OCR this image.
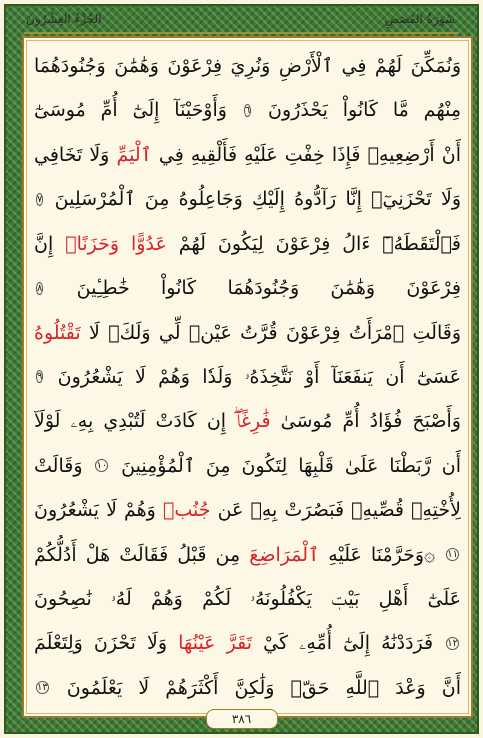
الجُزْءُ العِشْرُونَ	سُورَةُ القَصَصِ
وَنُمَكِّنَ لَهُمْ فِي ٱلْأَرْضِ وَنُرِيَ فِرْعَوْنَ وَهَٰمَٰنَ وَجُنُودَهُمَا
مِنْهُم مَّا كَانُواْ يَحْذَرُونَ ٦ وَأَوْحَيْنَآ إِلَىٰٓ أُمِّ مُوسَىٰٓ
أَنْ أَرْضِعِيهِۖ فَإِذَا خِفْتِ عَلَيْهِ فَأَلْقِيهِ فِي ٱلْيَمِّ وَلَا تَخَافِي
وَلَا تَحْزَنِيٓۖ إِنَّا رَآدُّوهُ إِلَيْكِ وَجَاعِلُوهُ مِنَ ٱلْمُرْسَلِينَ ٧
فَٱلْتَقَطَهُۥٓ ءَالُ فِرْعَوْنَ لِيَكُونَ لَهُمْ عَدُوًّا وَحَزَنًاۗ إِنَّ
فِرْعَوْنَ وَهَٰمَٰنَ وَجُنُودَهُمَا كَانُواْ خَٰطِـِٔينَ ٨
وَقَالَتِ ٱمْرَأَتُ فِرْعَوْنَ قُرَّتُ عَيْنٖ لِّي وَلَكَۖ لَا تَقْتُلُوهُ
عَسَىٰٓ أَن يَنفَعَنَآ أَوْ نَتَّخِذَهُۥ وَلَدٗا وَهُمْ لَا يَشْعُرُونَ ٩
وَأَصْبَحَ فُؤَادُ أُمِّ مُوسَىٰ فَٰرِغًاۖ إِن كَادَتْ لَتُبْدِي بِهِۦ لَوْلَآ
أَن رَّبَطْنَا عَلَىٰ قَلْبِهَا لِتَكُونَ مِنَ ٱلْمُؤْمِنِينَ ١٠ وَقَالَتْ
لِأُخْتِهِۦ قُصِّيهِۖ فَبَصُرَتْ بِهِۦ عَن جُنُبٖ وَهُمْ لَا يَشْعُرُونَ
١١ ۞وَحَرَّمْنَا عَلَيْهِ ٱلْمَرَاضِعَ مِن قَبْلُ فَقَالَتْ هَلْ أَدُلُّكُمْ
عَلَىٰٓ أَهْلِ بَيْتٖ يَكْفُلُونَهُۥ لَكُمْ وَهُمْ لَهُۥ نَٰصِحُونَ
١٢ فَرَدَدْنَٰهُ إِلَىٰٓ أُمِّهِۦ كَيْ تَقَرَّ عَيْنُهَا وَلَا تَحْزَنَ وَلِتَعْلَمَ
أَنَّ وَعْدَ ٱللَّهِ حَقّٞ وَلَٰكِنَّ أَكْثَرَهُمْ لَا يَعْلَمُونَ ١٣
٣٨٦
